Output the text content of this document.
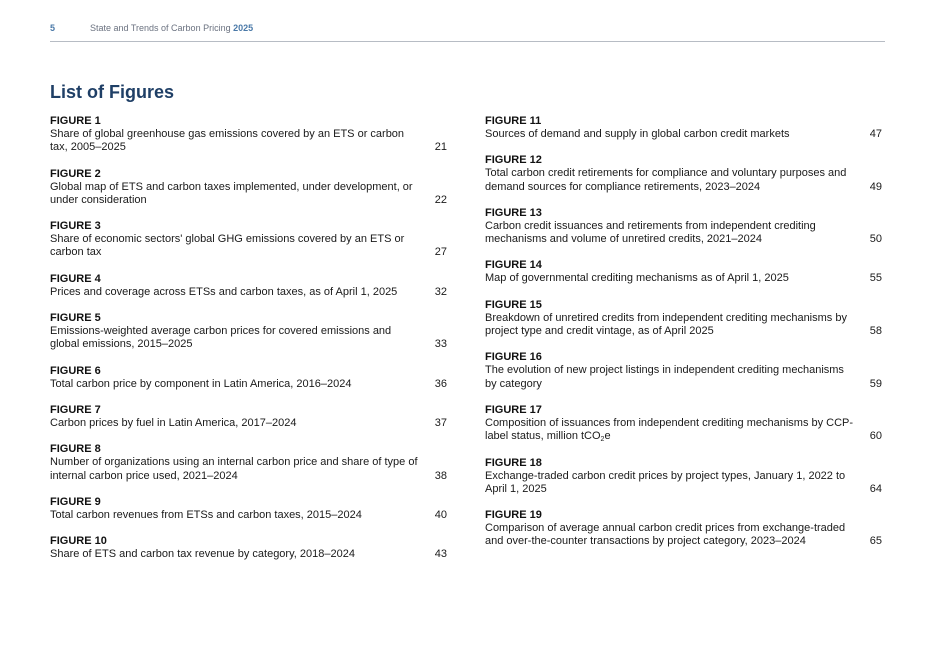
5	State and Trends of Carbon Pricing 2025
List of Figures
FIGURE 1
Share of global greenhouse gas emissions covered by an ETS or carbon tax, 2005–2025	21
FIGURE 2
Global map of ETS and carbon taxes implemented, under development, or under consideration	22
FIGURE 3
Share of economic sectors' global GHG emissions covered by an ETS or carbon tax	27
FIGURE 4
Prices and coverage across ETSs and carbon taxes, as of April 1, 2025	32
FIGURE 5
Emissions-weighted average carbon prices for covered emissions and global emissions, 2015–2025	33
FIGURE 6
Total carbon price by component in Latin America, 2016–2024	36
FIGURE 7
Carbon prices by fuel in Latin America, 2017–2024	37
FIGURE 8
Number of organizations using an internal carbon price and share of type of internal carbon price used, 2021–2024	38
FIGURE 9
Total carbon revenues from ETSs and carbon taxes, 2015–2024	40
FIGURE 10
Share of ETS and carbon tax revenue by category, 2018–2024	43
FIGURE 11
Sources of demand and supply in global carbon credit markets	47
FIGURE 12
Total carbon credit retirements for compliance and voluntary purposes and demand sources for compliance retirements, 2023–2024	49
FIGURE 13
Carbon credit issuances and retirements from independent crediting mechanisms and volume of unretired credits, 2021–2024	50
FIGURE 14
Map of governmental crediting mechanisms as of April 1, 2025	55
FIGURE 15
Breakdown of unretired credits from independent crediting mechanisms by project type and credit vintage, as of April 2025	58
FIGURE 16
The evolution of new project listings in independent crediting mechanisms by category	59
FIGURE 17
Composition of issuances from independent crediting mechanisms by CCP-label status, million tCO$_2$e	60
FIGURE 18
Exchange-traded carbon credit prices by project types, January 1, 2022 to April 1, 2025	64
FIGURE 19
Comparison of average annual carbon credit prices from exchange-traded and over-the-counter transactions by project category, 2023–2024	65
